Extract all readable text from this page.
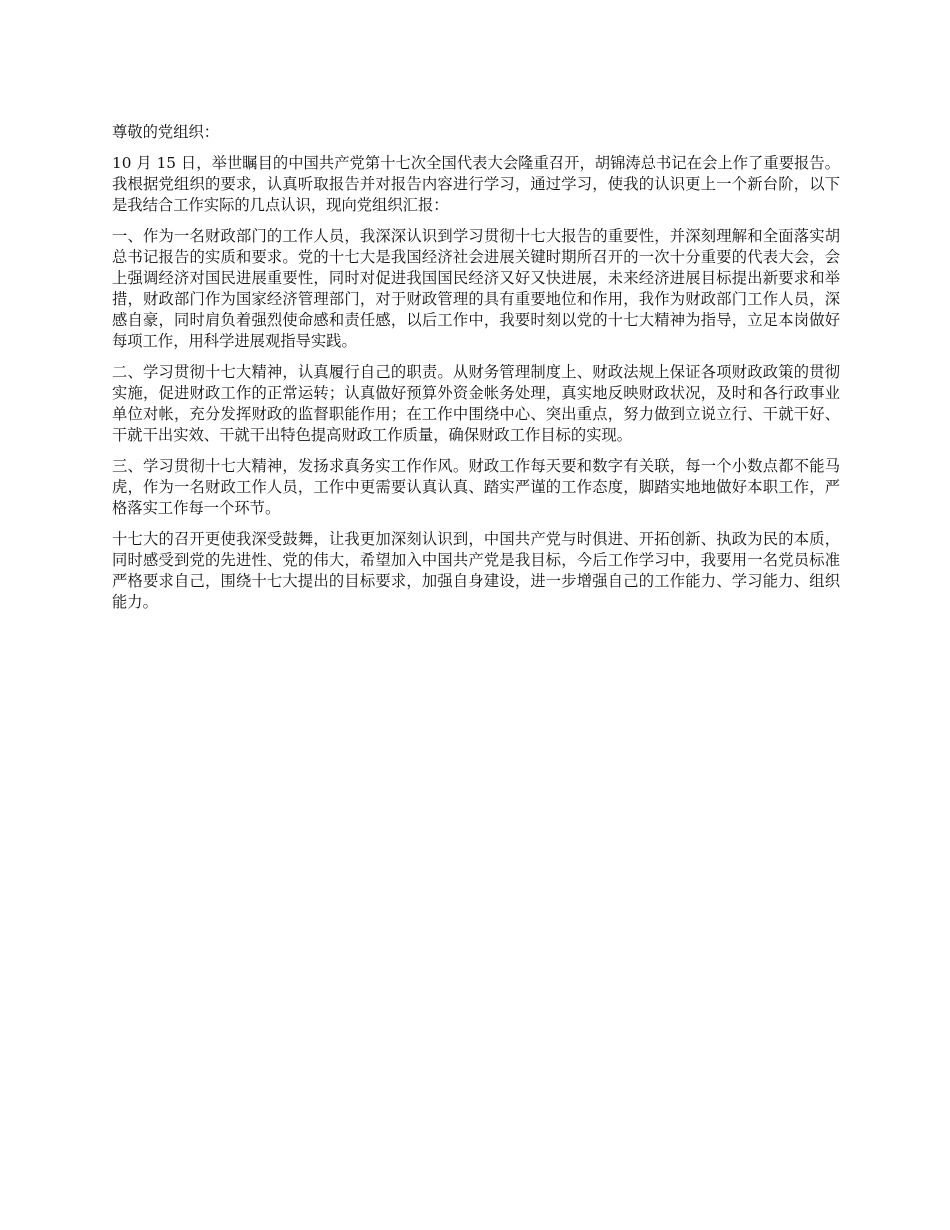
尊敬的党组织：

10 月 15 日，举世瞩目的中国共产党第十七次全国代表大会隆重召开，胡锦涛总书记在会上作了重要报告。我根据党组织的要求，认真听取报告并对报告内容进行学习，通过学习，使我的认识更上一个新台阶，以下是我结合工作实际的几点认识，现向党组织汇报：

一、作为一名财政部门的工作人员，我深深认识到学习贯彻十七大报告的重要性，并深刻理解和全面落实胡总书记报告的实质和要求。党的十七大是我国经济社会进展关键时期所召开的一次十分重要的代表大会，会上强调经济对国民进展重要性，同时对促进我国国民经济又好又快进展，未来经济进展目标提出新要求和举措，财政部门作为国家经济管理部门，对于财政管理的具有重要地位和作用，我作为财政部门工作人员，深感自豪，同时肩负着强烈使命感和责任感，以后工作中，我要时刻以党的十七大精神为指导，立足本岗做好每项工作，用科学进展观指导实践。

二、学习贯彻十七大精神，认真履行自己的职责。从财务管理制度上、财政法规上保证各项财政政策的贯彻实施，促进财政工作的正常运转；认真做好预算外资金帐务处理，真实地反映财政状况，及时和各行政事业单位对帐，充分发挥财政的监督职能作用；在工作中围绕中心、突出重点，努力做到立说立行、干就干好、干就干出实效、干就干出特色提高财政工作质量，确保财政工作目标的实现。

三、学习贯彻十七大精神，发扬求真务实工作作风。财政工作每天要和数字有关联，每一个小数点都不能马虎，作为一名财政工作人员，工作中更需要认真认真、踏实严谨的工作态度，脚踏实地地做好本职工作，严格落实工作每一个环节。

十七大的召开更使我深受鼓舞，让我更加深刻认识到，中国共产党与时俱进、开拓创新、执政为民的本质，同时感受到党的先进性、党的伟大，希望加入中国共产党是我目标，今后工作学习中，我要用一名党员标准严格要求自己，围绕十七大提出的目标要求，加强自身建设，进一步增强自己的工作能力、学习能力、组织能力。
